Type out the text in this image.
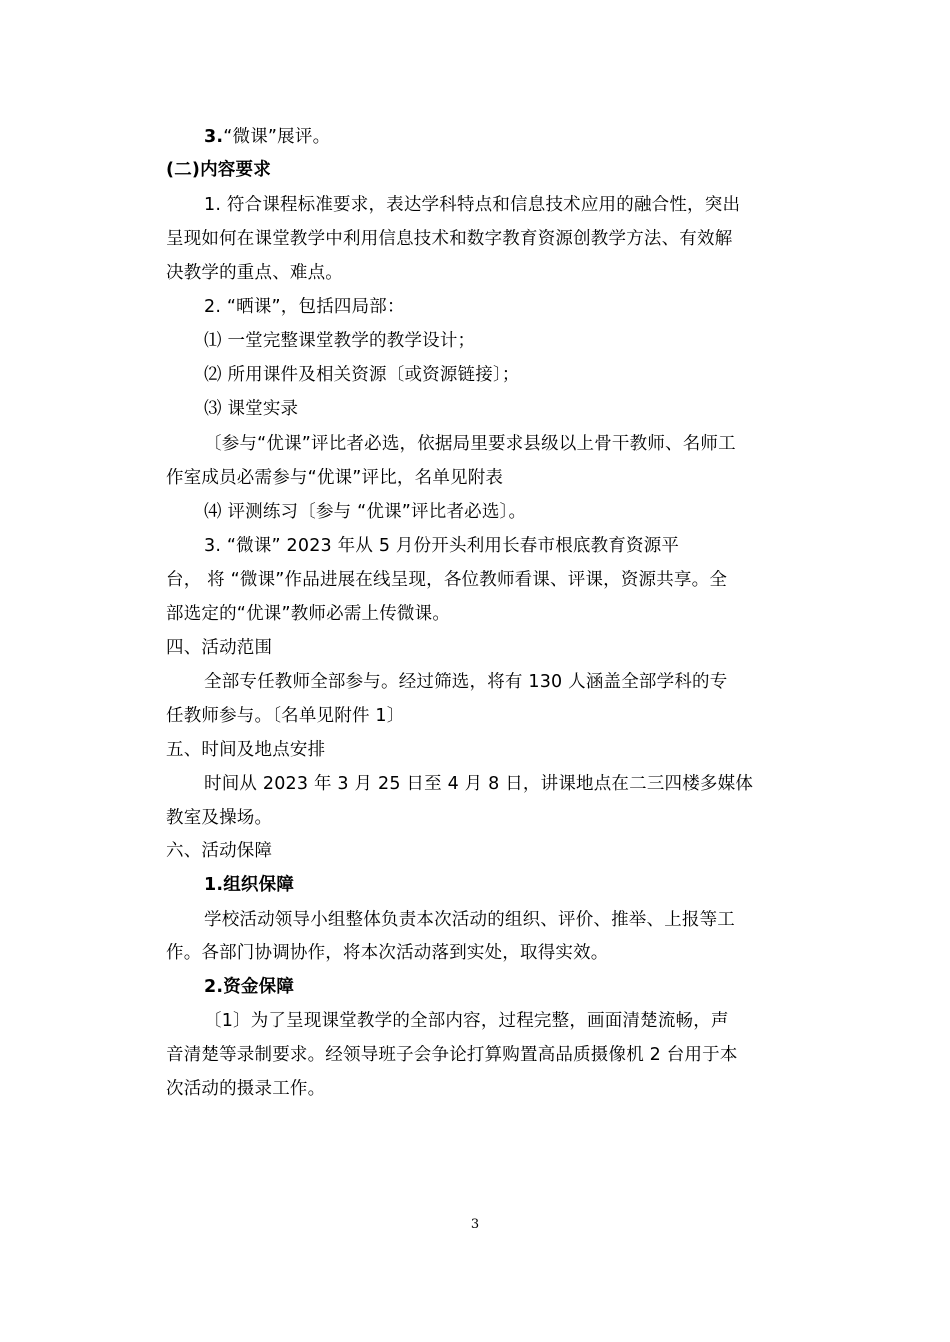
3.“微课”展评。
(二)内容要求
1. 符合课程标准要求，表达学科特点和信息技术应用的融合性，突出
呈现如何在课堂教学中利用信息技术和数字教育资源创教学方法、有效解
决教学的重点、难点。
2. “晒课”，包括四局部：
⑴ 一堂完整课堂教学的教学设计；
⑵ 所用课件及相关资源〔或资源链接〕；
⑶ 课堂实录
〔参与“优课”评比者必选，依据局里要求县级以上骨干教师、名师工
作室成员必需参与“优课”评比，名单见附表
⑷ 评测练习〔参与 “优课”评比者必选〕。
3. “微课” 2023 年从 5 月份开头利用长春市根底教育资源平
台， 将 “微课”作品进展在线呈现，各位教师看课、评课，资源共享。全
部选定的“优课”教师必需上传微课。
四、活动范围
全部专任教师全部参与。经过筛选，将有 130 人涵盖全部学科的专
任教师参与。〔名单见附件 1〕
五、时间及地点安排
时间从 2023 年 3 月 25 日至 4 月 8 日，讲课地点在二三四楼多媒体
教室及操场。
六、活动保障
1.组织保障
学校活动领导小组整体负责本次活动的组织、评价、推举、上报等工
作。各部门协调协作，将本次活动落到实处，取得实效。
2.资金保障
〔1〕为了呈现课堂教学的全部内容，过程完整，画面清楚流畅，声
音清楚等录制要求。经领导班子会争论打算购置高品质摄像机 2 台用于本
次活动的摄录工作。
3
